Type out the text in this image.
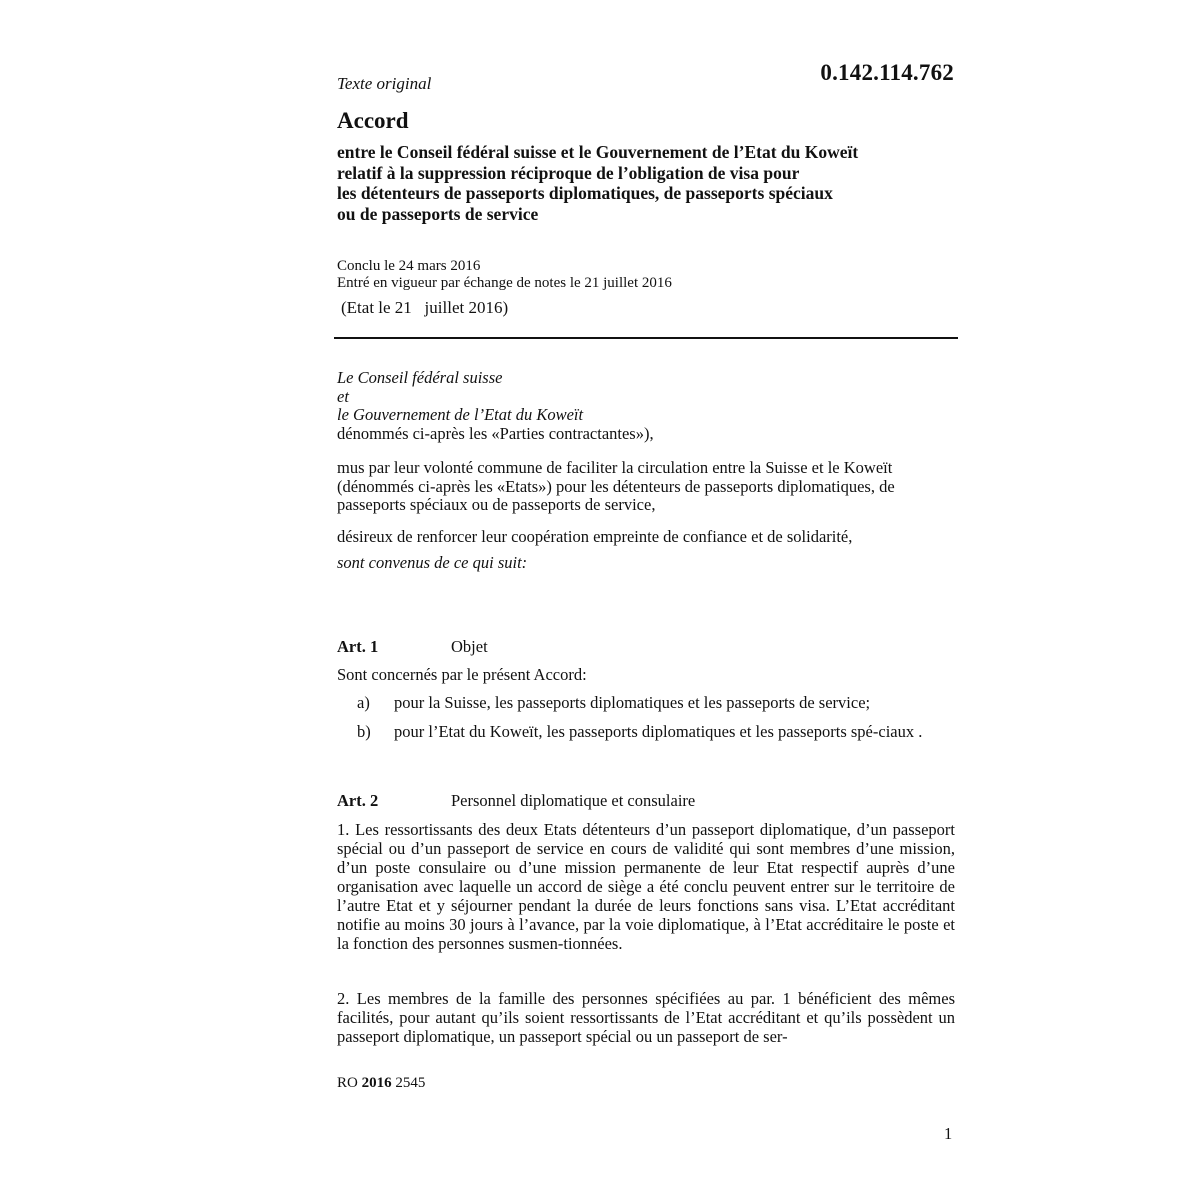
Texte original	0.142.114.762
Accord
entre le Conseil fédéral suisse et le Gouvernement de l’Etat du Koweït
relatif à la suppression réciproque de l’obligation de visa pour
les détenteurs de passeports diplomatiques, de passeports spéciaux
ou de passeports de service
Conclu le 24 mars 2016
Entré en vigueur par échange de notes le 21 juillet 2016
(Etat le 21   juillet 2016)
Le Conseil fédéral suisse
et
le Gouvernement de l’Etat du Koweït
dénommés ci-après les «Parties contractantes»),
mus par leur volonté commune de faciliter la circulation entre la Suisse et le Koweït
(dénommés ci-après les «Etats») pour les détenteurs de passeports diplomatiques, de
passeports spéciaux ou de passeports de service,
désireux de renforcer leur coopération empreinte de confiance et de solidarité,
sont convenus de ce qui suit:
Art. 1	Objet
Sont concernés par le présent Accord:
a) pour la Suisse, les passeports diplomatiques et les passeports de service;
b) pour l’Etat du Koweït, les passeports diplomatiques et les passeports spé-ciaux .
Art. 2	Personnel diplomatique et consulaire
1. Les ressortissants des deux Etats détenteurs d’un passeport diplomatique, d’un passeport spécial ou d’un passeport de service en cours de validité qui sont membres d’une mission, d’un poste consulaire ou d’une mission permanente de leur Etat respectif auprès d’une organisation avec laquelle un accord de siège a été conclu peuvent entrer sur le territoire de l’autre Etat et y séjourner pendant la durée de leurs fonctions sans visa. L’Etat accréditant notifie au moins 30 jours à l’avance, par la voie diplomatique, à l’Etat accréditaire le poste et la fonction des personnes susmen-tionnées.
2. Les membres de la famille des personnes spécifiées au par. 1 bénéficient des mêmes facilités, pour autant qu’ils soient ressortissants de l’Etat accréditant et qu’ils possèdent un passeport diplomatique, un passeport spécial ou un passeport de ser-
RO 2016 2545
1
